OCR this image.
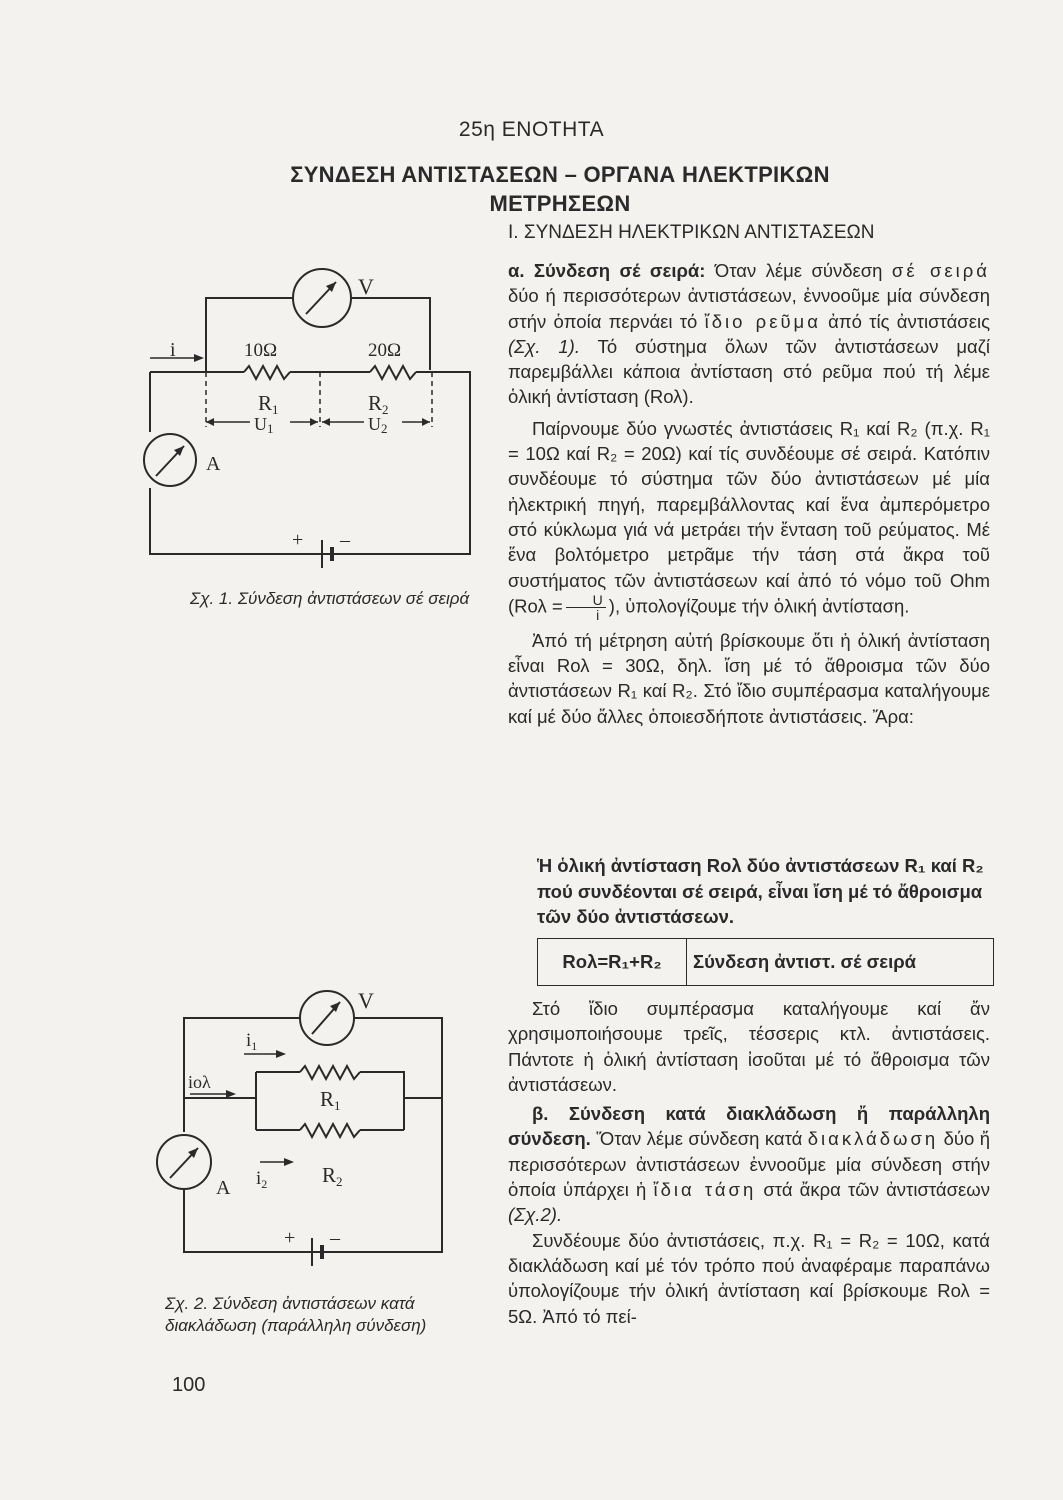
25η ΕΝΟΤΗΤΑ
ΣΥΝΔΕΣΗ ΑΝΤΙΣΤΑΣΕΩΝ – ΟΡΓΑΝΑ ΗΛΕΚΤΡΙΚΩΝ
ΜΕΤΡΗΣΕΩΝ
Ι. ΣΥΝΔΕΣΗ ΗΛΕΚΤΡΙΚΩΝ ΑΝΤΙΣΤΑΣΕΩΝ

α. Σύνδεση σέ σειρά: Όταν λέμε σύνδεση σέ σειρά δύο ή περισσότερων ἀντιστάσεων, ἐννοοῦμε μία σύνδεση στήν ὁποία περνάει τό ἴδιο ρεῦμα ἀπό τίς ἀντιστάσεις (Σχ. 1). Τό σύστημα ὅλων τῶν ἀντιστάσεων μαζί παρεμβάλλει κάποια ἀντίσταση στό ρεῦμα πού τή λέμε ὁλική ἀντίσταση (Rολ).

Παίρνουμε δύο γνωστές ἀντιστάσεις R₁ καί R₂ (π.χ. R₁ = 10Ω καί R₂ = 20Ω) καί τίς συνδέουμε σέ σειρά. Κατόπιν συνδέουμε τό σύστημα τῶν δύο ἀντιστάσεων μέ μία ἠλεκτρική πηγή, παρεμβάλλοντας καί ἕνα ἀμπερόμετρο στό κύκλωμα γιά νά μετράει τήν ἔνταση τοῦ ρεύματος. Μέ ἕνα βολτόμετρο μετρᾶμε τήν τάση στά ἄκρα τοῦ συστήματος τῶν ἀντιστάσεων καί ἀπό τό νόμο τοῦ Ohm ($Ro\lambda = \frac{U}{i}$ ), ὑπολογίζουμε τήν ὁλική ἀντίσταση.

Ἀπό τή μέτρηση αὐτή βρίσκουμε ὅτι ἡ ὁλική ἀντίσταση εἶναι Rολ = 30Ω, δηλ. ἴση μέ τό ἄθροισμα τῶν δύο ἀντιστάσεων R₁ καί R₂. Στό ἴδιο συμπέρασμα καταλήγουμε καί μέ δύο ἄλλες ὁποιεσδήποτε ἀντιστάσεις. Ἄρα:

Ἡ ὁλική ἀντίσταση Rολ δύο ἀντιστάσεων R₁ καί R₂ πού συνδέονται σέ σειρά, εἶναι ἴση μέ τό ἄθροισμα τῶν δύο ἀντιστάσεων.
Rολ=R₁+R₂	Σύνδεση ἀντιστ. σέ σειρά

Στό ἴδιο συμπέρασμα καταλήγουμε καί ἄν χρησιμοποιήσουμε τρεῖς, τέσσερις κτλ. ἀντιστάσεις. Πάντοτε ἡ ὁλική ἀντίσταση ἰσοῦται μέ τό ἄθροισμα τῶν ἀντιστάσεων.

β. Σύνδεση κατά διακλάδωση ἤ παράλληλη σύνδεση. Ὅταν λέμε σύνδεση κατά διακλάδωση δύο ἤ περισσότερων ἀντιστάσεων ἐννοοῦμε μία σύνδεση στήν ὁποία ὑπάρχει ἡ ἴδια τάση στά ἄκρα τῶν ἀντιστάσεων (Σχ.2).

Συνδέουμε δύο ἀντιστάσεις, π.χ. R₁ = R₂ = 10Ω, κατά διακλάδωση καί μέ τόν τρόπο πού ἀναφέραμε παραπάνω ὑπολογίζουμε τήν ὁλική ἀντίσταση καί βρίσκουμε Rολ = 5Ω. Ἀπό τό πεί-

V
A
i	10Ω	20Ω
R1	R2
U1	U2
+ –
Σχ. 1. Σύνδεση ἀντιστάσεων σέ σειρά
V
A
iολ
$i_1$
$i_2$
R1
R2
+ –
Σχ. 2. Σύνδεση ἀντιστάσεων κατά
διακλάδωση (παράλληλη σύνδεση)
100
